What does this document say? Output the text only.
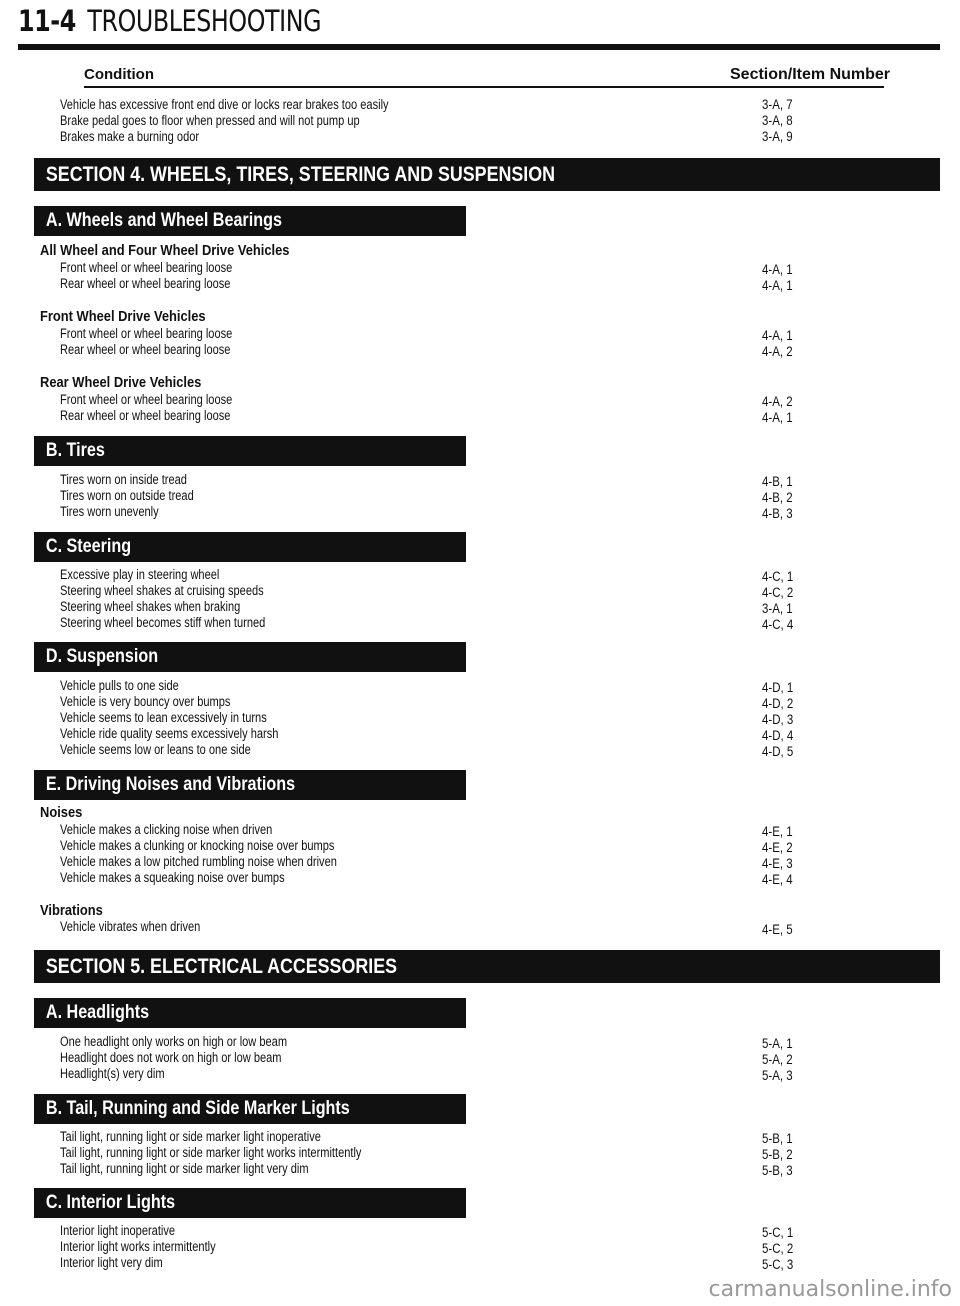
11-4 TROUBLESHOOTING
Condition	Section/Item Number
Vehicle has excessive front end dive or locks rear brakes too easily	3-A, 7
Brake pedal goes to floor when pressed and will not pump up	3-A, 8
Brakes make a burning odor	3-A, 9
SECTION 4. WHEELS, TIRES, STEERING AND SUSPENSION
A. Wheels and Wheel Bearings
All Wheel and Four Wheel Drive Vehicles
Front wheel or wheel bearing loose	4-A, 1
Rear wheel or wheel bearing loose	4-A, 1
Front Wheel Drive Vehicles
Front wheel or wheel bearing loose	4-A, 1
Rear wheel or wheel bearing loose	4-A, 2
Rear Wheel Drive Vehicles
Front wheel or wheel bearing loose	4-A, 2
Rear wheel or wheel bearing loose	4-A, 1
B. Tires
Tires worn on inside tread	4-B, 1
Tires worn on outside tread	4-B, 2
Tires worn unevenly	4-B, 3
C. Steering
Excessive play in steering wheel	4-C, 1
Steering wheel shakes at cruising speeds	4-C, 2
Steering wheel shakes when braking	3-A, 1
Steering wheel becomes stiff when turned	4-C, 4
D. Suspension
Vehicle pulls to one side	4-D, 1
Vehicle is very bouncy over bumps	4-D, 2
Vehicle seems to lean excessively in turns	4-D, 3
Vehicle ride quality seems excessively harsh	4-D, 4
Vehicle seems low or leans to one side	4-D, 5
E. Driving Noises and Vibrations
Noises
Vehicle makes a clicking noise when driven	4-E, 1
Vehicle makes a clunking or knocking noise over bumps	4-E, 2
Vehicle makes a low pitched rumbling noise when driven	4-E, 3
Vehicle makes a squeaking noise over bumps	4-E, 4
Vibrations
Vehicle vibrates when driven	4-E, 5
SECTION 5. ELECTRICAL ACCESSORIES
A. Headlights
One headlight only works on high or low beam	5-A, 1
Headlight does not work on high or low beam	5-A, 2
Headlight(s) very dim	5-A, 3
B. Tail, Running and Side Marker Lights
Tail light, running light or side marker light inoperative	5-B, 1
Tail light, running light or side marker light works intermittently	5-B, 2
Tail light, running light or side marker light very dim	5-B, 3
C. Interior Lights
Interior light inoperative	5-C, 1
Interior light works intermittently	5-C, 2
Interior light very dim	5-C, 3
carmanualsonline.info
